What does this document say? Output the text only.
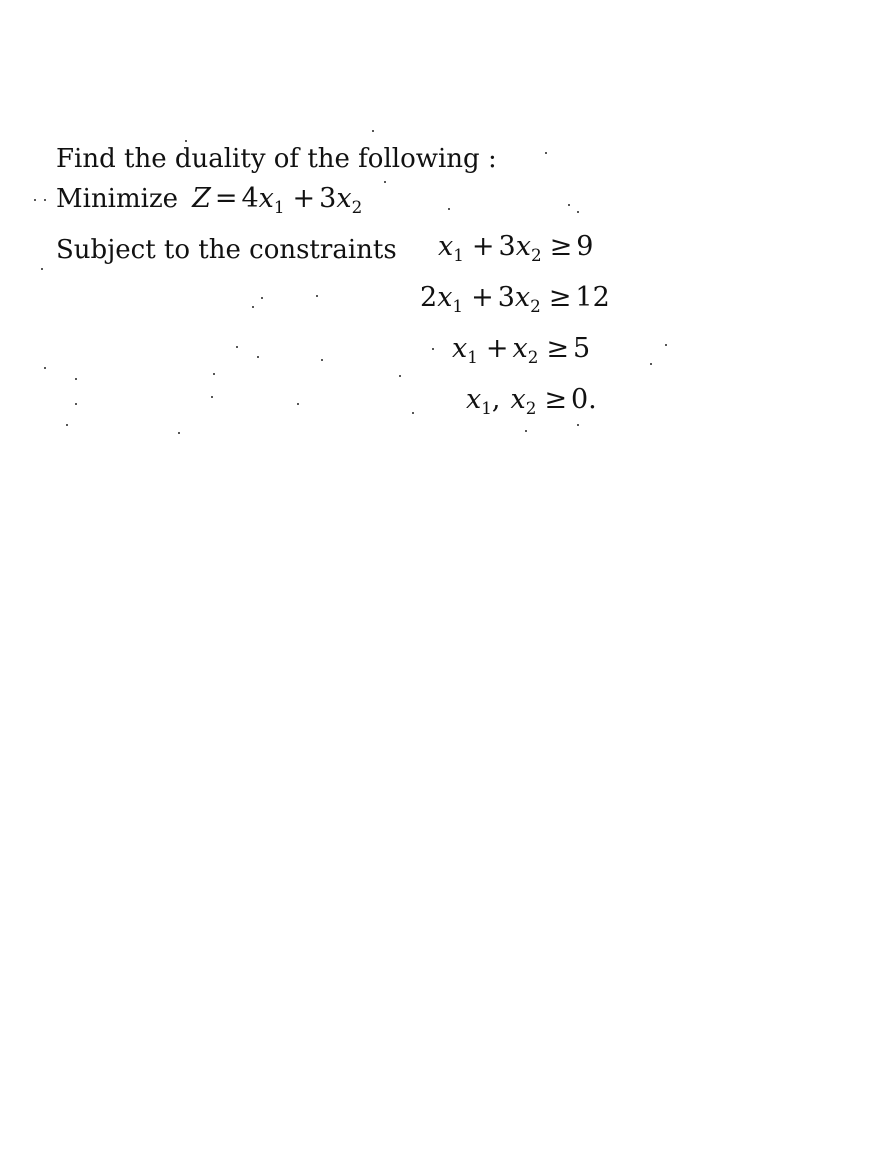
Find the duality of the following :
Minimize $Z = 4x_1 + 3x_2$
Subject to the constraints $x_1 + 3x_2 \ge 9$
$2x_1 + 3x_2 \ge 12$
$x_1 + x_2 \ge 5$
$x_1$, $x_2 \ge 0$.
